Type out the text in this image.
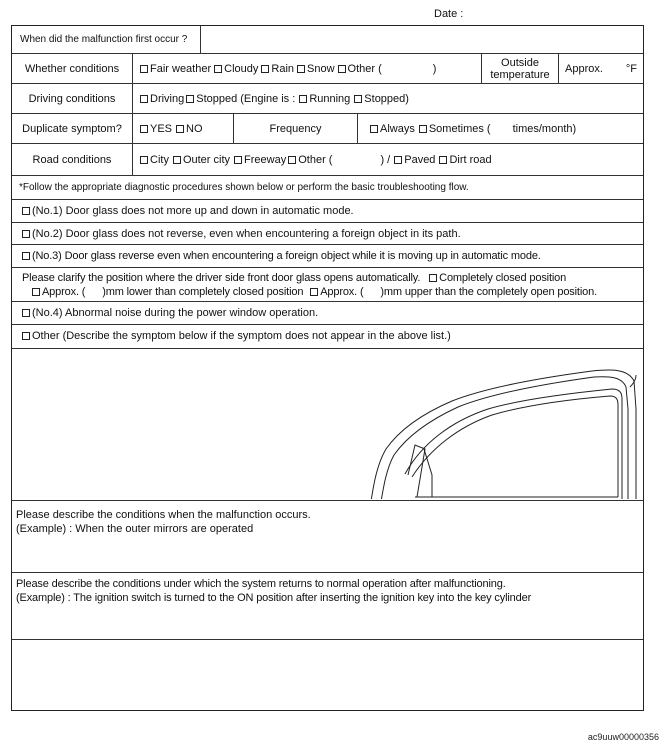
Date :
When did the malfunction first occur ?
Whether conditions	Fair weather	Cloudy	Rain	Snow	Other (	)	Outside temperature	Approx. °F
Driving conditions	Driving Stopped (Engine is : Running Stopped)
Duplicate symptom?	YES NO	Frequency	Always Sometimes ( times/month)
Road conditions	City Outer city Freeway Other (	) / Paved Dirt road
*Follow the appropriate diagnostic procedures shown below or perform the basic troubleshooting flow.
(No.1) Door glass does not more up and down in automatic mode.
(No.2) Door glass does not reverse, even when encountering a foreign object in its path.
(No.3) Door glass reverse even when encountering a foreign object while it is moving up in automatic mode.
Please clarify the position where the driver side front door glass opens automatically. Completely closed position
Approx. ( )mm lower than completely closed position Approx. ( )mm upper than the completely open position.
(No.4) Abnormal noise during the power window operation.
Other (Describe the symptom below if the symptom does not appear in the above list.)
Please describe the conditions when the malfunction occurs.
(Example) : When the outer mirrors are operated
Please describe the conditions under which the system returns to normal operation after malfunctioning.
(Example) : The ignition switch is turned to the ON position after inserting the ignition key into the key cylinder
ac9uuw00000356
